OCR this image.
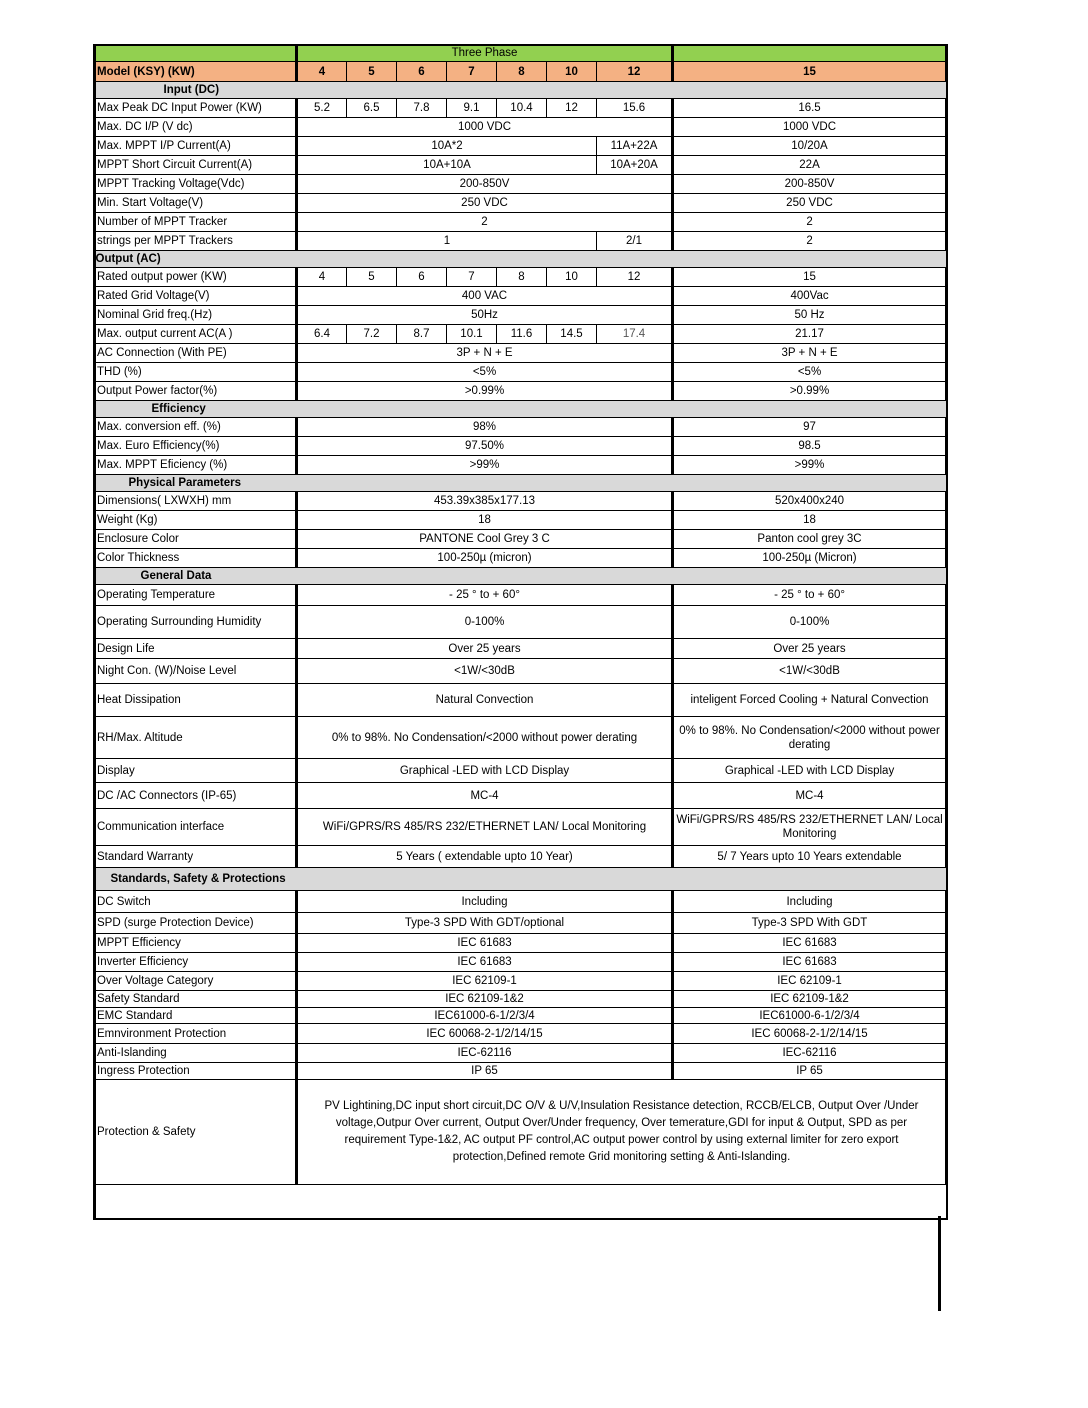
	Three Phase							
Model (KSY) (KW)	4	5	6	7	8	10	12	15
Input (DC)								
Max Peak DC Input Power (KW)	5.2	6.5	7.8	9.1	10.4	12	15.6	16.5
Max. DC I/P (V dc)	1000 VDC							1000 VDC
Max. MPPT I/P Current(A)	10A*2						11A+22A	10/20A
MPPT Short Circuit Current(A)	10A+10A						10A+20A	22A
MPPT Tracking Voltage(Vdc)	200-850V							200-850V
Min. Start Voltage(V)	250 VDC							250 VDC
Number of MPPT Tracker	2							2
strings per MPPT Trackers	1						2/1	2
Output (AC)								
Rated output power (KW)	4	5	6	7	8	10	12	15
Rated Grid Voltage(V)	400 VAC							400Vac
Nominal Grid freq.(Hz)	50Hz							50 Hz
Max. output current AC(A )	6.4	7.2	8.7	10.1	11.6	14.5	17.4	21.17
AC Connection (With PE)	3P + N + E							3P + N + E
THD (%)	<5%							<5%
Output Power factor(%)	>0.99%							>0.99%
Efficiency								
Max. conversion eff. (%)	98%							97
Max. Euro Efficiency(%)	97.50%							98.5
Max. MPPT Eficiency (%)	>99%							>99%
Physical Parameters								
Dimensions( LXWXH) mm	453.39x385x177.13							520x400x240
Weight (Kg)	18							18
Enclosure Color	PANTONE Cool Grey 3 C							Panton cool grey 3C
Color Thickness	100-250µ (micron)							100-250µ (Micron)
General Data								
Operating Temperature	- 25 ° to + 60°							- 25 ° to + 60°
Operating Surrounding Humidity	0-100%							0-100%
Design Life	Over 25 years							Over 25 years
Night Con. (W)/Noise Level	<1W/<30dB							<1W/<30dB
Heat Dissipation	Natural Convection							inteligent Forced Cooling + Natural Convection
RH/Max. Altitude	0% to 98%. No Condensation/<2000 without power derating							0% to 98%. No Condensation/<2000 without power derating
Display	Graphical -LED with LCD Display							Graphical -LED with LCD Display
DC /AC Connectors (IP-65)	MC-4							MC-4
Communication interface	WiFi/GPRS/RS 485/RS 232/ETHERNET LAN/ Local Monitoring							WiFi/GPRS/RS 485/RS 232/ETHERNET LAN/ Local Monitoring
Standard Warranty	5 Years ( extendable upto 10 Year)							5/ 7 Years upto 10 Years extendable
Standards, Safety & Protections								
DC Switch	Including							Including
SPD (surge Protection Device)	Type-3 SPD With GDT/optional							Type-3 SPD With GDT
MPPT Efficiency	IEC 61683							IEC 61683
Inverter Efficiency	IEC 61683							IEC 61683
Over Voltage Category	IEC 62109-1							IEC 62109-1
Safety Standard	IEC 62109-1&2							IEC 62109-1&2
EMC Standard	IEC61000-6-1/2/3/4							IEC61000-6-1/2/3/4
Emnvironment Protection	IEC 60068-2-1/2/14/15							IEC 60068-2-1/2/14/15
Anti-Islanding	IEC-62116							IEC-62116
Ingress Protection	IP 65							IP 65
Protection & Safety	PV Lightining,DC input short circuit,DC O/V & U/V,Insulation Resistance detection, RCCB/ELCB, Output Over /Under voltage,Outpur Over current, Output Over/Under frequency, Over temerature,GDI for input & Output, SPD as per requirement Type-1&2, AC output PF control,AC output power control by using external limiter for zero export protection,Defined remote Grid monitoring setting & Anti-Islanding.							
